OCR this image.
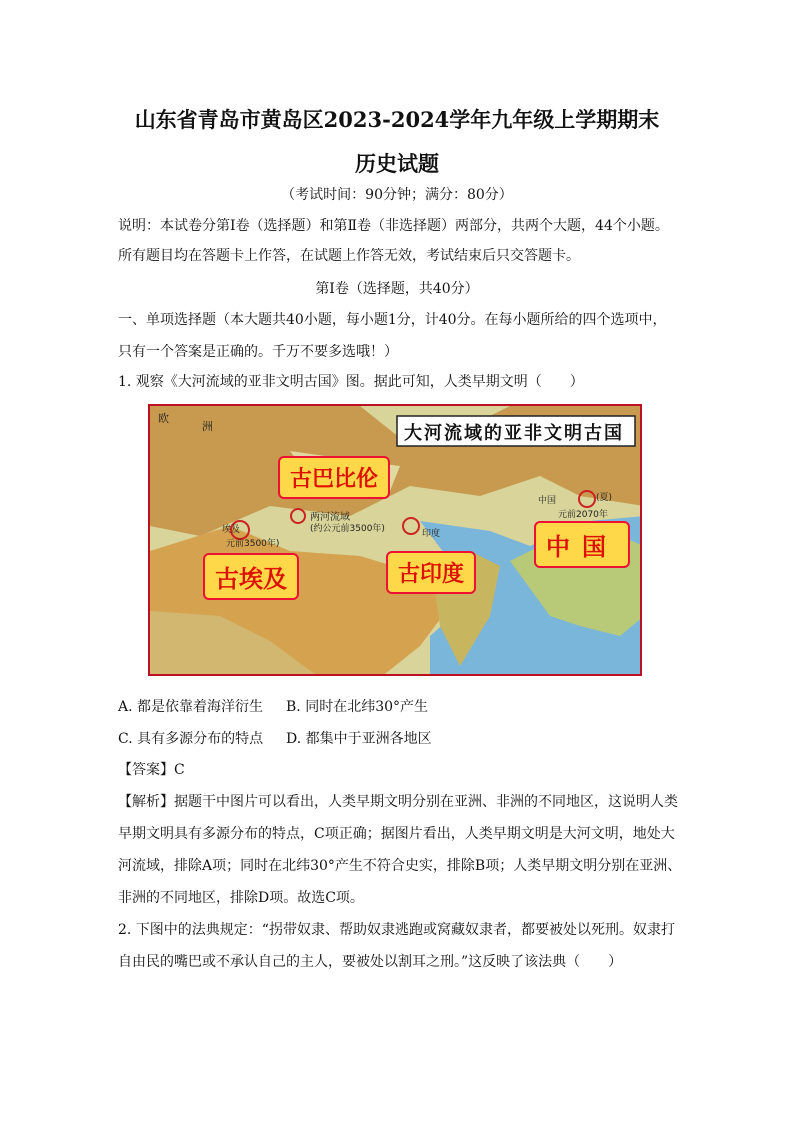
山东省青岛市黄岛区2023-2024学年九年级上学期期末
历史试题
（考试时间：90分钟；满分：80分）
说明：本试卷分第Ⅰ卷（选择题）和第Ⅱ卷（非选择题）两部分，共两个大题，44个小题。
所有题目均在答题卡上作答，在试题上作答无效，考试结束后只交答题卡。
第Ⅰ卷（选择题，共40分）
一、单项选择题（本大题共40小题，每小题1分，计40分。在每小题所给的四个选项中，
只有一个答案是正确的。千万不要多选哦！）
1. 观察《大河流域的亚非文明古国》图。据此可知，人类早期文明（　　）
大河流域的亚非文明古国
古巴比伦
古埃及	古印度
中国
两河流域
(约公元前3500年)
埃及
元前3500年)
中国
元前2070年
(夏)
印度
欧
洲
A. 都是依靠着海洋衍生 B. 同时在北纬30°产生
C. 具有多源分布的特点 D. 都集中于亚洲各地区
【答案】C
【解析】据题干中图片可以看出，人类早期文明分别在亚洲、非洲的不同地区，这说明人类
早期文明具有多源分布的特点，C项正确；据图片看出，人类早期文明是大河文明，地处大
河流域，排除A项；同时在北纬30°产生不符合史实，排除B项；人类早期文明分别在亚洲、
非洲的不同地区，排除D项。故选C项。
2. 下图中的法典规定：“拐带奴隶、帮助奴隶逃跑或窝藏奴隶者，都要被处以死刑。奴隶打
自由民的嘴巴或不承认自己的主人，要被处以割耳之刑。”这反映了该法典（　　）
